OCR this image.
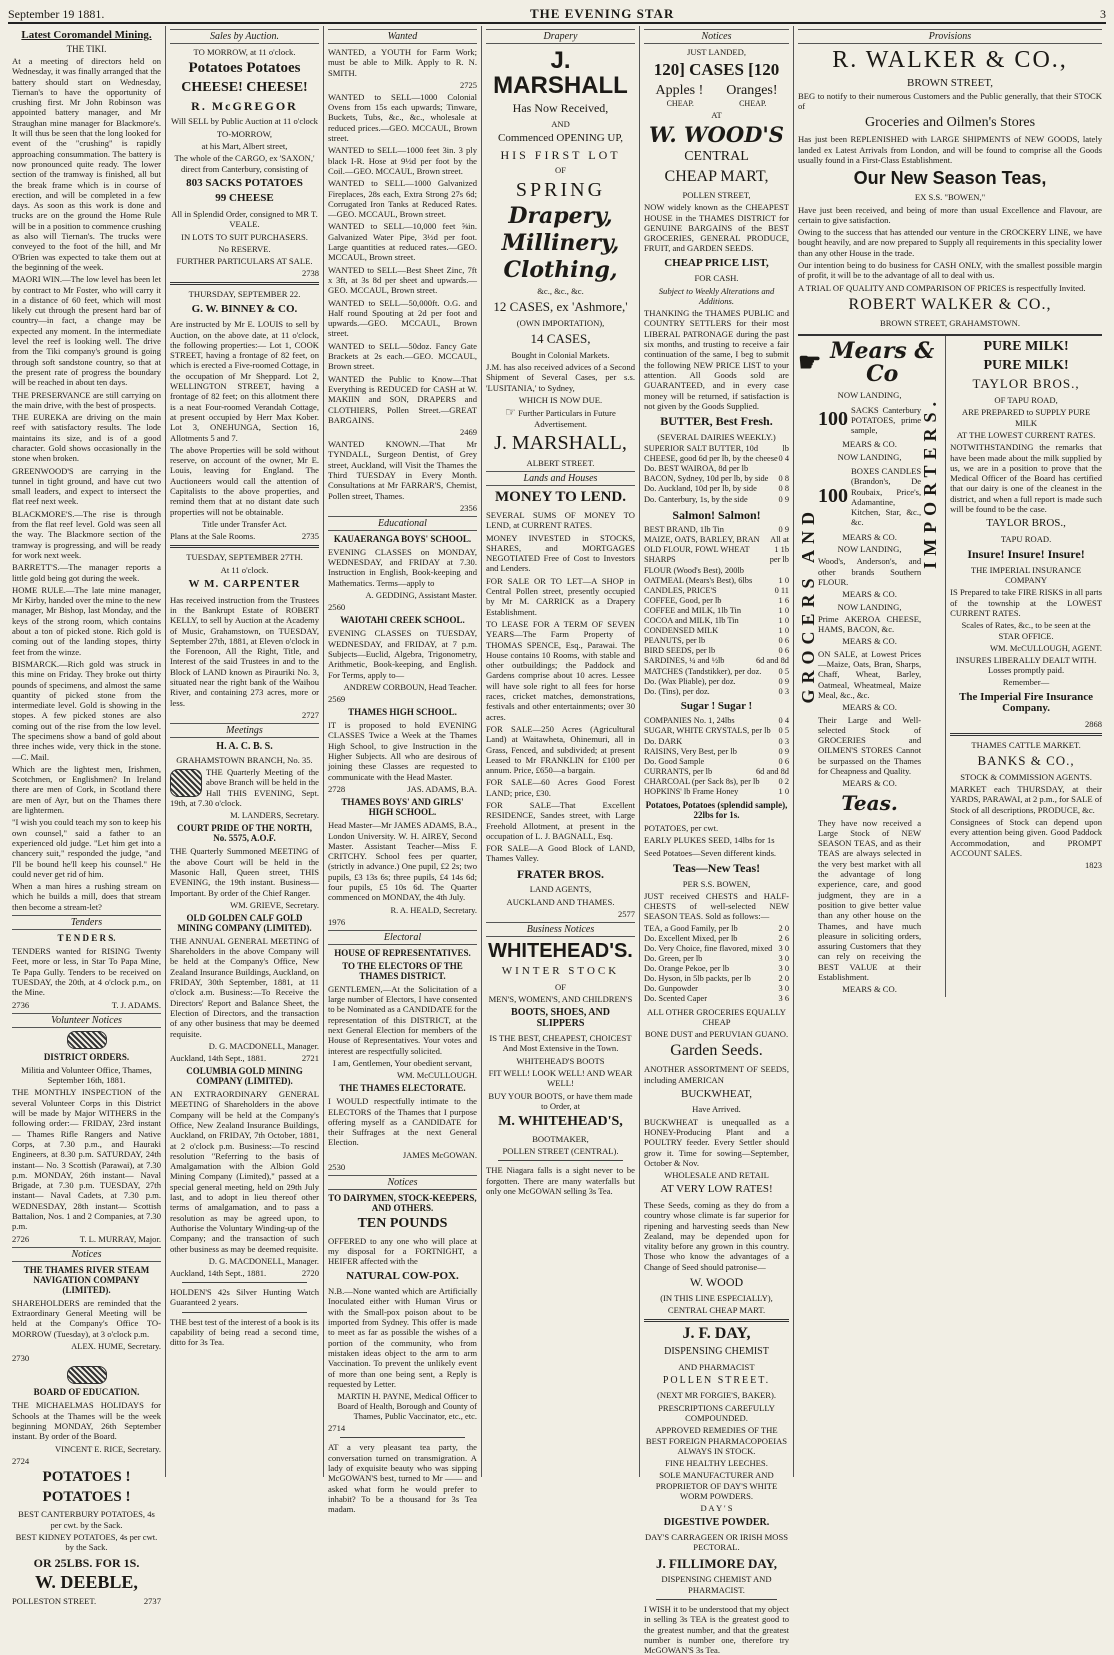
September 19 1881.	THE EVENING STAR	3
Latest Coromandel Mining.
THE TIKI.

At a meeting of directors held on Wednesday, it was finally arranged that the battery should start on Wednesday, Tiernan's to have the opportunity of crushing first. Mr John Robinson was appointed battery manager, and Mr Straughan mine manager for Blackmore's. It will thus be seen that the long looked for event of the "crushing" is rapidly approaching consummation. The battery is now pronounced quite ready. The lower section of the tramway is finished, all but the break frame which is in course of erection, and will be completed in a few days. As soon as this work is done and trucks are on the ground the Home Rule will be in a position to commence crushing as also will Tiernan's. The trucks were conveyed to the foot of the hill, and Mr O'Brien was expected to take them out at the beginning of the week.

MAORI WIN.—The low level has been let by contract to Mr Foster, who will carry it in a distance of 60 feet, which will most likely cut through the present hard bar of country—in fact, a change may be expected any moment. In the intermediate level the reef is looking well. The drive from the Tiki company's ground is going through soft sandstone country, so that at the present rate of progress the boundary will be reached in about ten days.

THE PRESERVANCE are still carrying on the main drive, with the best of prospects.

THE EUREKA are driving on the main reef with satisfactory results. The lode maintains its size, and is of a good character. Gold shows occasionally in the stone when broken.

GREENWOOD'S are carrying in the tunnel in tight ground, and have cut two small leaders, and expect to intersect the flat reef next week.

BLACKMORE'S.—The rise is through from the flat reef level. Gold was seen all the way. The Blackmore section of the tramway is progressing, and will be ready for work next week.

BARRETT'S.—The manager reports a little gold being got during the week.

HOME RULE.—The late mine manager, Mr Kirby, handed over the mine to the new manager, Mr Bishop, last Monday, and the keys of the strong room, which contains about a ton of picked stone. Rich gold is coming out of the landing stopes, thirty feet from the winze.

BISMARCK.—Rich gold was struck in this mine on Friday. They broke out thirty pounds of specimens, and almost the same quantity of picked stone from the intermediate level. Gold is showing in the stopes. A few picked stones are also coming out of the rise from the low level. The specimens show a band of gold about three inches wide, very thick in the stone. —C. Mail.

Which are the lightest men, Irishmen, Scotchmen, or Englishmen? In Ireland there are men of Cork, in Scotland there are men of Ayr, but on the Thames there are lightermen.

"I wish you could teach my son to keep his own counsel," said a father to an experienced old judge. "Let him get into a chancery suit," responded the judge, "and I'll be bound he'll keep his counsel." He could never get rid of him.

When a man hires a rushing stream on which he builds a mill, does that stream then become a stream-let?

Tenders
T E N D E R S.

TENDERS wanted for RISING Twenty Feet, more or less, in Star To Papa Mine, Te Papa Gully. Tenders to be received on TUESDAY, the 20th, at 4 o'clock p.m., on the Mine.

2736	T. J. ADAMS.
Volunteer Notices
DISTRICT ORDERS.
Militia and Volunteer Office, Thames, September 16th, 1881.

THE MONTHLY INSPECTION of the several Volunteer Corps in this District will be made by Major WITHERS in the following order:— FRIDAY, 23rd instant— Thames Rifle Rangers and Native Corps, at 7.30 p.m., and Hauraki Engineers, at 8.30 p.m. SATURDAY, 24th instant— No. 3 Scottish (Parawai), at 7.30 p.m. MONDAY, 26th instant— Naval Brigade, at 7.30 p.m. TUESDAY, 27th instant— Naval Cadets, at 7.30 p.m. WEDNESDAY, 28th instant— Scottish Battalion, Nos. 1 and 2 Companies, at 7.30 p.m.

2726	T. L. MURRAY, Major.
Notices
THE THAMES RIVER STEAM NAVIGATION COMPANY (LIMITED).

SHAREHOLDERS are reminded that the Extraordinary General Meeting will be held at the Company's Office TO-MORROW (Tuesday), at 3 o'clock p.m.

ALEX. HUME, Secretary.
2730
BOARD OF EDUCATION.

THE MICHAELMAS HOLIDAYS for Schools at the Thames will be the week beginning MONDAY, 26th September instant. By order of the Board.

VINCENT E. RICE, Secretary.
2724
POTATOES !
POTATOES !
BEST CANTERBURY POTATOES, 4s per cwt. by the Sack.
BEST KIDNEY POTATOES, 4s per cwt. by the Sack.
OR 25LBS. FOR 1S.
W. DEEBLE,
POLLESTON STREET.	2737
Sales by Auction.
TO MORROW, at 11 o'clock.
Potatoes Potatoes
CHEESE! CHEESE!
R. McGREGOR
Will SELL by Public Auction at 11 o'clock
TO-MORROW,
at his Mart, Albert street,
The whole of the CARGO, ex 'SAXON,' direct from Canterbury, consisting of
803 SACKS POTATOES
99 CHEESE
All in Splendid Order, consigned to MR T. VEALE.
IN LOTS TO SUIT PURCHASERS.
No RESERVE.
FURTHER PARTICULARS AT SALE.
2738
THURSDAY, SEPTEMBER 22.
G. W. BINNEY & CO.

Are instructed by Mr E. LOUIS to sell by Auction, on the above date, at 11 o'clock, the following properties:— Lot 1, COOK STREET, having a frontage of 82 feet, on which is erected a Five-roomed Cottage, in the occupation of Mr Sheppard. Lot 2, WELLINGTON STREET, having a frontage of 82 feet; on this allotment there is a neat Four-roomed Verandah Cottage, at present occupied by Herr Max Kober. Lot 3, ONEHUNGA, Section 16, Allotments 5 and 7.

The above Properties will be sold without reserve, on account of the owner, Mr E. Louis, leaving for England. The Auctioneers would call the attention of Capitalists to the above properties, and remind them that at no distant date such properties will not be obtainable.

Title under Transfer Act.
Plans at the Sale Rooms.	2735
TUESDAY, SEPTEMBER 27TH.
At 11 o'clock.
W M. CARPENTER

Has received instruction from the Trustees in the Bankrupt Estate of ROBERT KELLY, to sell by Auction at the Academy of Music, Grahamstown, on TUESDAY, September 27th, 1881, at Eleven o'clock in the Forenoon, All the Right, Title, and Interest of the said Trustees in and to the Block of LAND known as Pirauriki No. 3, situated near the right bank of the Waihou River, and containing 273 acres, more or less.

2727
Meetings
H. A. C. B. S.
GRAHAMSTOWN BRANCH, No. 35.

THE Quarterly Meeting of the above Branch will be held in the Hall THIS EVENING, Sept. 19th, at 7.30 o'clock.

M. LANDERS, Secretary.
COURT PRIDE OF THE NORTH, No. 5575, A.O.F.

THE Quarterly Summoned MEETING of the above Court will be held in the Masonic Hall, Queen street, THIS EVENING, the 19th instant. Business—Important. By order of the Chief Ranger.

WM. GRIEVE, Secretary.
OLD GOLDEN CALF GOLD MINING COMPANY (LIMITED).

THE ANNUAL GENERAL MEETING of Shareholders in the above Company will be held at the Company's Office, New Zealand Insurance Buildings, Auckland, on FRIDAY, 30th September, 1881, at 11 o'clock a.m. Business:—To Receive the Directors' Report and Balance Sheet, the Election of Directors, and the transaction of any other business that may be deemed requisite.

D. G. MACDONELL, Manager.
Auckland, 14th Sept., 1881.	2721
COLUMBIA GOLD MINING COMPANY (LIMITED).

AN EXTRAORDINARY GENERAL MEETING of Shareholders in the above Company will be held at the Company's Office, New Zealand Insurance Buildings, Auckland, on FRIDAY, 7th October, 1881, at 2 o'clock p.m. Business:—To rescind resolution "Referring to the basis of Amalgamation with the Albion Gold Mining Company (Limited)," passed at a special general meeting, held on 29th July last, and to adopt in lieu thereof other terms of amalgamation, and to pass a resolution as may be agreed upon, to Authorise the Voluntary Winding-up of the Company; and the transaction of such other business as may be deemed requisite.

D. G. MACDONELL, Manager.
Auckland, 14th Sept., 1881.	2720

HOLDEN'S 42s Silver Hunting Watch Guaranteed 2 years.

THE best test of the interest of a book is its capability of being read a second time, ditto for 3s Tea.

Wanted

WANTED, a YOUTH for Farm Work; must be able to Milk. Apply to R. N. SMITH.

2725

WANTED to SELL—1000 Colonial Ovens from 15s each upwards; Tinware, Buckets, Tubs, &c., &c., wholesale at reduced prices.—GEO. MCCAUL, Brown street.

WANTED to SELL—1000 feet 3in. 3 ply black I-R. Hose at 9½d per foot by the Coil.—GEO. MCCAUL, Brown street.

WANTED to SELL—1000 Galvanized Fireplaces, 28s each, Extra Strong 27s 6d; Corrugated Iron Tanks at Reduced Rates.—GEO. MCCAUL, Brown street.

WANTED to SELL—10,000 feet ⅝in. Galvanized Water Pipe, 3½d per foot. Large quantities at reduced rates.—GEO. MCCAUL, Brown street.

WANTED to SELL—Best Sheet Zinc, 7ft x 3ft, at 3s 8d per sheet and upwards.—GEO. MCCAUL, Brown street.

WANTED to SELL—50,000ft. O.G. and Half round Spouting at 2d per foot and upwards.—GEO. MCCAUL, Brown street.

WANTED to SELL—50doz. Fancy Gate Brackets at 2s each.—GEO. MCCAUL, Brown street.

WANTED the Public to Know—That Everything is REDUCED for CASH at W. MAKIIN and SON, DRAPERS and CLOTHIERS, Pollen Street.—GREAT BARGAINS.

2469

WANTED KNOWN.—That Mr TYNDALL, Surgeon Dentist, of Grey street, Auckland, will Visit the Thames the Third TUESDAY in Every Month. Consultations at Mr FARRAR'S, Chemist, Pollen street, Thames.

2356
Educational
KAUAERANGA BOYS' SCHOOL.

EVENING CLASSES on MONDAY, WEDNESDAY, and FRIDAY at 7.30. Instruction in English, Book-keeping and Mathematics. Terms—apply to

A. GEDDING, Assistant Master.
2560
WAIOTAHI CREEK SCHOOL.

EVENING CLASSES on TUESDAY, WEDNESDAY, and FRIDAY, at 7 p.m. Subjects—Euclid, Algebra, Trigonometry, Arithmetic, Book-keeping, and English. For Terms, apply to—

ANDREW CORBOUN, Head Teacher.
2569
THAMES HIGH SCHOOL.

IT is proposed to hold EVENING CLASSES Twice a Week at the Thames High School, to give Instruction in the Higher Subjects. All who are desirous of joining these Classes are requested to communicate with the Head Master.

2728	JAS. ADAMS, B.A.
THAMES BOYS' AND GIRLS' HIGH SCHOOL.

Head Master—Mr JAMES ADAMS, B.A., London University. W. H. AIREY, Second Master. Assistant Teacher—Miss F. CRITCHY. School fees per quarter, (strictly in advance.) One pupil, £2 2s; two pupils, £3 13s 6s; three pupils, £4 14s 6d; four pupils, £5 10s 6d. The Quarter commenced on MONDAY, the 4th July.

R. A. HEALD, Secretary.
1976
Electoral
HOUSE OF REPRESENTATIVES.
TO THE ELECTORS OF THE THAMES DISTRICT.

GENTLEMEN,—At the Solicitation of a large number of Electors, I have consented to be Nominated as a CANDIDATE for the representation of this DISTRICT, at the next General Election for members of the House of Representatives. Your votes and interest are respectfully solicited.

I am, Gentlemen, Your obedient servant,

WM. McCULLOUGH.
THE THAMES ELECTORATE.

I WOULD respectfully intimate to the ELECTORS of the Thames that I purpose offering myself as a CANDIDATE for their Suffrages at the next General Election.

JAMES McGOWAN.
2530
Notices
TO DAIRYMEN, STOCK-KEEPERS, AND OTHERS.
TEN POUNDS

OFFERED to any one who will place at my disposal for a FORTNIGHT, a HEIFER affected with the

NATURAL COW-POX.

N.B.—None wanted which are Artificially Inoculated either with Human Virus or with the Small-pox poison about to be imported from Sydney. This offer is made to meet as far as possible the wishes of a portion of the community, who from mistaken ideas object to the arm to arm Vaccination. To prevent the unlikely event of more than one being sent, a Reply is requested by Letter.

MARTIN H. PAYNE, Medical Officer to Board of Health, Borough and County of Thames, Public Vaccinator, etc., etc.
2714

AT a very pleasant tea party, the conversation turned on transmigration. A lady of exquisite beauty who was sipping McGOWAN'S best, turned to Mr —— and asked what form he would prefer to inhabit? To be a thousand for 3s Tea madam.

Drapery
J. MARSHALL
Has Now Received,
AND
Commenced OPENING UP,
HIS FIRST LOT
OF
SPRING
Drapery,
Millinery,
Clothing,
&c., &c., &c.
12 CASES, ex 'Ashmore,'
(OWN IMPORTATION),
14 CASES,
Bought in Colonial Markets.

J.M. has also received advices of a Second Shipment of Several Cases, per s.s. 'LUSITANIA,' to Sydney,

WHICH IS NOW DUE.
☞ Further Particulars in Future Advertisement.
J. MARSHALL,
ALBERT STREET.
Lands and Houses
MONEY TO LEND.

SEVERAL SUMS OF MONEY TO LEND, at CURRENT RATES.

MONEY INVESTED in STOCKS, SHARES, and MORTGAGES NEGOTIATED Free of Cost to Investors and Lenders.

FOR SALE OR TO LET—A SHOP in Central Pollen street, presently occupied by Mr M. CARRICK as a Drapery Establishment.

TO LEASE FOR A TERM OF SEVEN YEARS—The Farm Property of THOMAS SPENCE, Esq., Parawai. The House contains 10 Rooms, with stable and other outbuildings; the Paddock and Gardens comprise about 10 acres. Lessee will have sole right to all fees for horse races, cricket matches, demonstrations, festivals and other entertainments; over 30 acres.

FOR SALE—250 Acres (Agricultural Land) at Waitawheta, Ohinemuri, all in Grass, Fenced, and subdivided; at present Leased to Mr FRANKLIN for £100 per annum. Price, £650—a bargain.

FOR SALE—60 Acres Good Forest LAND; price, £30.

FOR SALE—That Excellent RESIDENCE, Sandes street, with Large Freehold Allotment, at present in the occupation of L. J. BAGNALL, Esq.

FOR SALE—A Good Block of LAND, Thames Valley.

FRATER BROS.
LAND AGENTS,
AUCKLAND AND THAMES.
2577
Business Notices
WHITEHEAD'S.
WINTER STOCK
OF
MEN'S, WOMEN'S, AND CHILDREN'S
BOOTS, SHOES, AND SLIPPERS
IS THE BEST, CHEAPEST, CHOICEST And Most Extensive in the Town.
WHITEHEAD'S BOOTS
FIT WELL! LOOK WELL! AND WEAR WELL!
BUY YOUR BOOTS, or have them made to Order, at
M. WHITEHEAD'S,
BOOTMAKER,
POLLEN STREET (CENTRAL).

THE Niagara falls is a sight never to be forgotten. There are many waterfalls but only one McGOWAN selling 3s Tea.

Notices
JUST LANDED,
120] CASES [120
Apples ! Oranges!
CHEAP.	CHEAP.
AT
W. WOOD'S
CENTRAL
CHEAP MART,
POLLEN STREET,

NOW widely known as the CHEAPEST HOUSE in the THAMES DISTRICT for GENUINE BARGAINS of the BEST GROCERIES, GENERAL PRODUCE, FRUIT, and GARDEN SEEDS.

CHEAP PRICE LIST,
FOR CASH.
Subject to Weekly Alterations and Additions.

THANKING the THAMES PUBLIC and COUNTRY SETTLERS for their most LIBERAL PATRONAGE during the past six months, and trusting to receive a fair continuation of the same, I beg to submit the following NEW PRICE LIST to your attention. All Goods sold are GUARANTEED, and in every case money will be returned, if satisfaction is not given by the Goods Supplied.

BUTTER, Best Fresh.
(SEVERAL DAIRIES WEEKLY.)
SUPERIOR SALT BUTTER, 10d	lb
CHEESE, good 6d per lb, by the cheese 0 4
Do. BEST WAIROA, 8d per lb
BACON, Sydney, 10d per lb, by side 0 8
Do. Auckland, 10d per lb, by side	0 8
Do. Canterbury, 1s, by the side	0 9
Salmon! Salmon!
BEST BRAND, 1lb Tin	0 9
MAIZE, OATS, BARLEY, BRAN All at
OLD FLOUR, FOWL WHEAT	1 1b
SHARPS	per lb
FLOUR (Wood's Best), 200lb
OATMEAL (Mears's Best), 6lbs	1 0
CANDLES, PRICE'S	0 11
COFFEE, Good, per lb	1 6
COFFEE and MILK, 1lb Tin	1 0
COCOA and MILK, 1lb Tin	1 0
CONDENSED MILK	1 0
PEANUTS, per lb	0 6
BIRD SEEDS, per lb	0 6
SARDINES, ¼ and ½lb	6d and 8d
MATCHES (Tandstikker), per doz. 0 5
Do. (Wax Pliable), per doz.	0 9
Do. (Tins), per doz.	0 3
Sugar ! Sugar !
COMPANIES No. 1, 24lbs	0 4
SUGAR, WHITE CRYSTALS, per lb 0 5
Do. DARK	0 3
RAISINS, Very Best, per lb	0 9
Do. Good Sample	0 6
CURRANTS, per lb	6d and 8d
CHARCOAL (per Sack 8s), per lb 0 2
HOPKINS' lb Frame Honey	1 0
Potatoes, Potatoes (splendid sample), 22lbs for 1s.
POTATOES, per cwt.
EARLY PLUKES SEED, 14lbs for 1s
Seed Potatoes—Seven different kinds.
Teas—New Teas!
PER S.S. BOWEN,

JUST received CHESTS and HALF-CHESTS of well-selected NEW SEASON TEAS. Sold as follows:—

TEA, a Good Family, per lb	2 0
Do. Excellent Mixed, per lb	2 6
Do. Very Choice, fine flavored, mixed 3 0
Do. Green, per lb	3 0
Do. Orange Pekoe, per lb	3 0
Do. Hyson, in 5lb packts, per lb	2 0
Do. Gunpowder	3 0
Do. Scented Caper	3 6
ALL OTHER GROCERIES EQUALLY CHEAP
BONE DUST and PERUVIAN GUANO.
Garden Seeds.

ANOTHER ASSORTMENT OF SEEDS, including AMERICAN

BUCKWHEAT,
Have Arrived.

BUCKWHEAT is unequalled as a HONEY-Producing Plant and a POULTRY feeder. Every Settler should grow it. Time for sowing—September, October & Nov.

WHOLESALE AND RETAIL
AT VERY LOW RATES!

These Seeds, coming as they do from a country whose climate is far superior for ripening and harvesting seeds than New Zealand, may be depended upon for vitality before any grown in this country. Those who know the advantages of a Change of Seed should patronise—

W. WOOD
(IN THIS LINE ESPECIALLY),
CENTRAL CHEAP MART.
J. F. DAY,
DISPENSING CHEMIST
AND PHARMACIST
POLLEN STREET.
(NEXT MR FORGIE'S, BAKER).
PRESCRIPTIONS CAREFULLY COMPOUNDED.
APPROVED REMEDIES OF THE BEST FOREIGN PHARMACOPOEIAS ALWAYS IN STOCK.
FINE HEALTHY LEECHES.
SOLE MANUFACTURER AND PROPRIETOR OF DAY'S WHITE WORM POWDERS.
D A Y ' S
DIGESTIVE POWDER.
DAY'S CARRAGEEN OR IRISH MOSS PECTORAL.
J. FILLIMORE DAY,
DISPENSING CHEMIST AND PHARMACIST.

I WISH it to be understood that my object in selling 3s TEA is the greatest good to the greatest number, and that the greatest number is number one, therefore try McGOWAN'S 3s Tea.

Provisions
R. WALKER & CO.,
BROWN STREET,

BEG to notify to their numerous Customers and the Public generally, that their STOCK of

Groceries and Oilmen's Stores

Has just been REPLENISHED with LARGE SHIPMENTS of NEW GOODS, lately landed ex Latest Arrivals from London, and will be found to comprise all the Goods usually found in a First-Class Establishment.

Our New Season Teas,
EX S.S. "BOWEN,"

Have just been received, and being of more than usual Excellence and Flavour, are certain to give satisfaction.

Owing to the success that has attended our venture in the CROCKERY LINE, we have bought heavily, and are now prepared to Supply all requirements in this speciality lower than any other House in the trade.

Our intention being to do business for CASH ONLY, with the smallest possible margin of profit, it will be to the advantage of all to deal with us.

A TRIAL OF QUALITY AND COMPARISON OF PRICES is respectfully Invited.

ROBERT WALKER & CO.,
BROWN STREET, GRAHAMSTOWN.
☛ Mears & Co
GROCERS AND
IMPORTERS.
NOW LANDING,
100 SACKS Canterbury POTATOES, prime sample,
MEARS & CO.
NOW LANDING,
100
BOXES CANDLES (Brandon's, De Roubaix, Price's, Adamantine, Kitchen, Star, &c., &c.
MEARS & CO.
NOW LANDING,

Wood's, Anderson's, and other brands Southern FLOUR.

MEARS & CO.
NOW LANDING,

Prime AKEROA CHEESE, HAMS, BACON, &c.

MEARS & CO.

ON SALE, at Lowest Prices—Maize, Oats, Bran, Sharps, Chaff, Wheat, Barley, Oatmeal, Wheatmeal, Maize Meal, &c., &c.

MEARS & CO.

Their Large and Well-selected Stock of GROCERIES and OILMEN'S STORES Cannot be surpassed on the Thames for Cheapness and Quality.

MEARS & CO.
Teas.

They have now received a Large Stock of NEW SEASON TEAS, and as their TEAS are always selected in the very best market with all the advantage of long experience, care, and good judgment, they are in a position to give better value than any other house on the Thames, and have much pleasure in soliciting orders, assuring Customers that they can rely on receiving the BEST VALUE at their Establishment.

MEARS & CO.
PURE MILK!
PURE MILK!
TAYLOR BROS.,
OF TAPU ROAD,
ARE PREPARED to SUPPLY PURE MILK
AT THE LOWEST CURRENT RATES.

NOTWITHSTANDING the remarks that have been made about the milk supplied by us, we are in a position to prove that the Medical Officer of the Board has certified that our dairy is one of the cleanest in the district, and when a full report is made such will be found to be the case.

TAYLOR BROS.,
TAPU ROAD.
Insure! Insure! Insure!
THE IMPERIAL INSURANCE COMPANY

IS Prepared to take FIRE RISKS in all parts of the township at the LOWEST CURRENT RATES.

Scales of Rates, &c., to be seen at the STAR OFFICE.
WM. McCULLOUGH, AGENT.
INSURES LIBERALLY DEALT WITH. Losses promptly paid.
Remember—
The Imperial Fire Insurance Company.
2868
THAMES CATTLE MARKET.
BANKS & CO.,
STOCK & COMMISSION AGENTS.

MARKET each THURSDAY, at their YARDS, PARAWAI, at 2 p.m., for SALE of Stock of all descriptions, PRODUCE, &c.

Consignees of Stock can depend upon every attention being given. Good Paddock Accommodation, and PROMPT ACCOUNT SALES.

1823
